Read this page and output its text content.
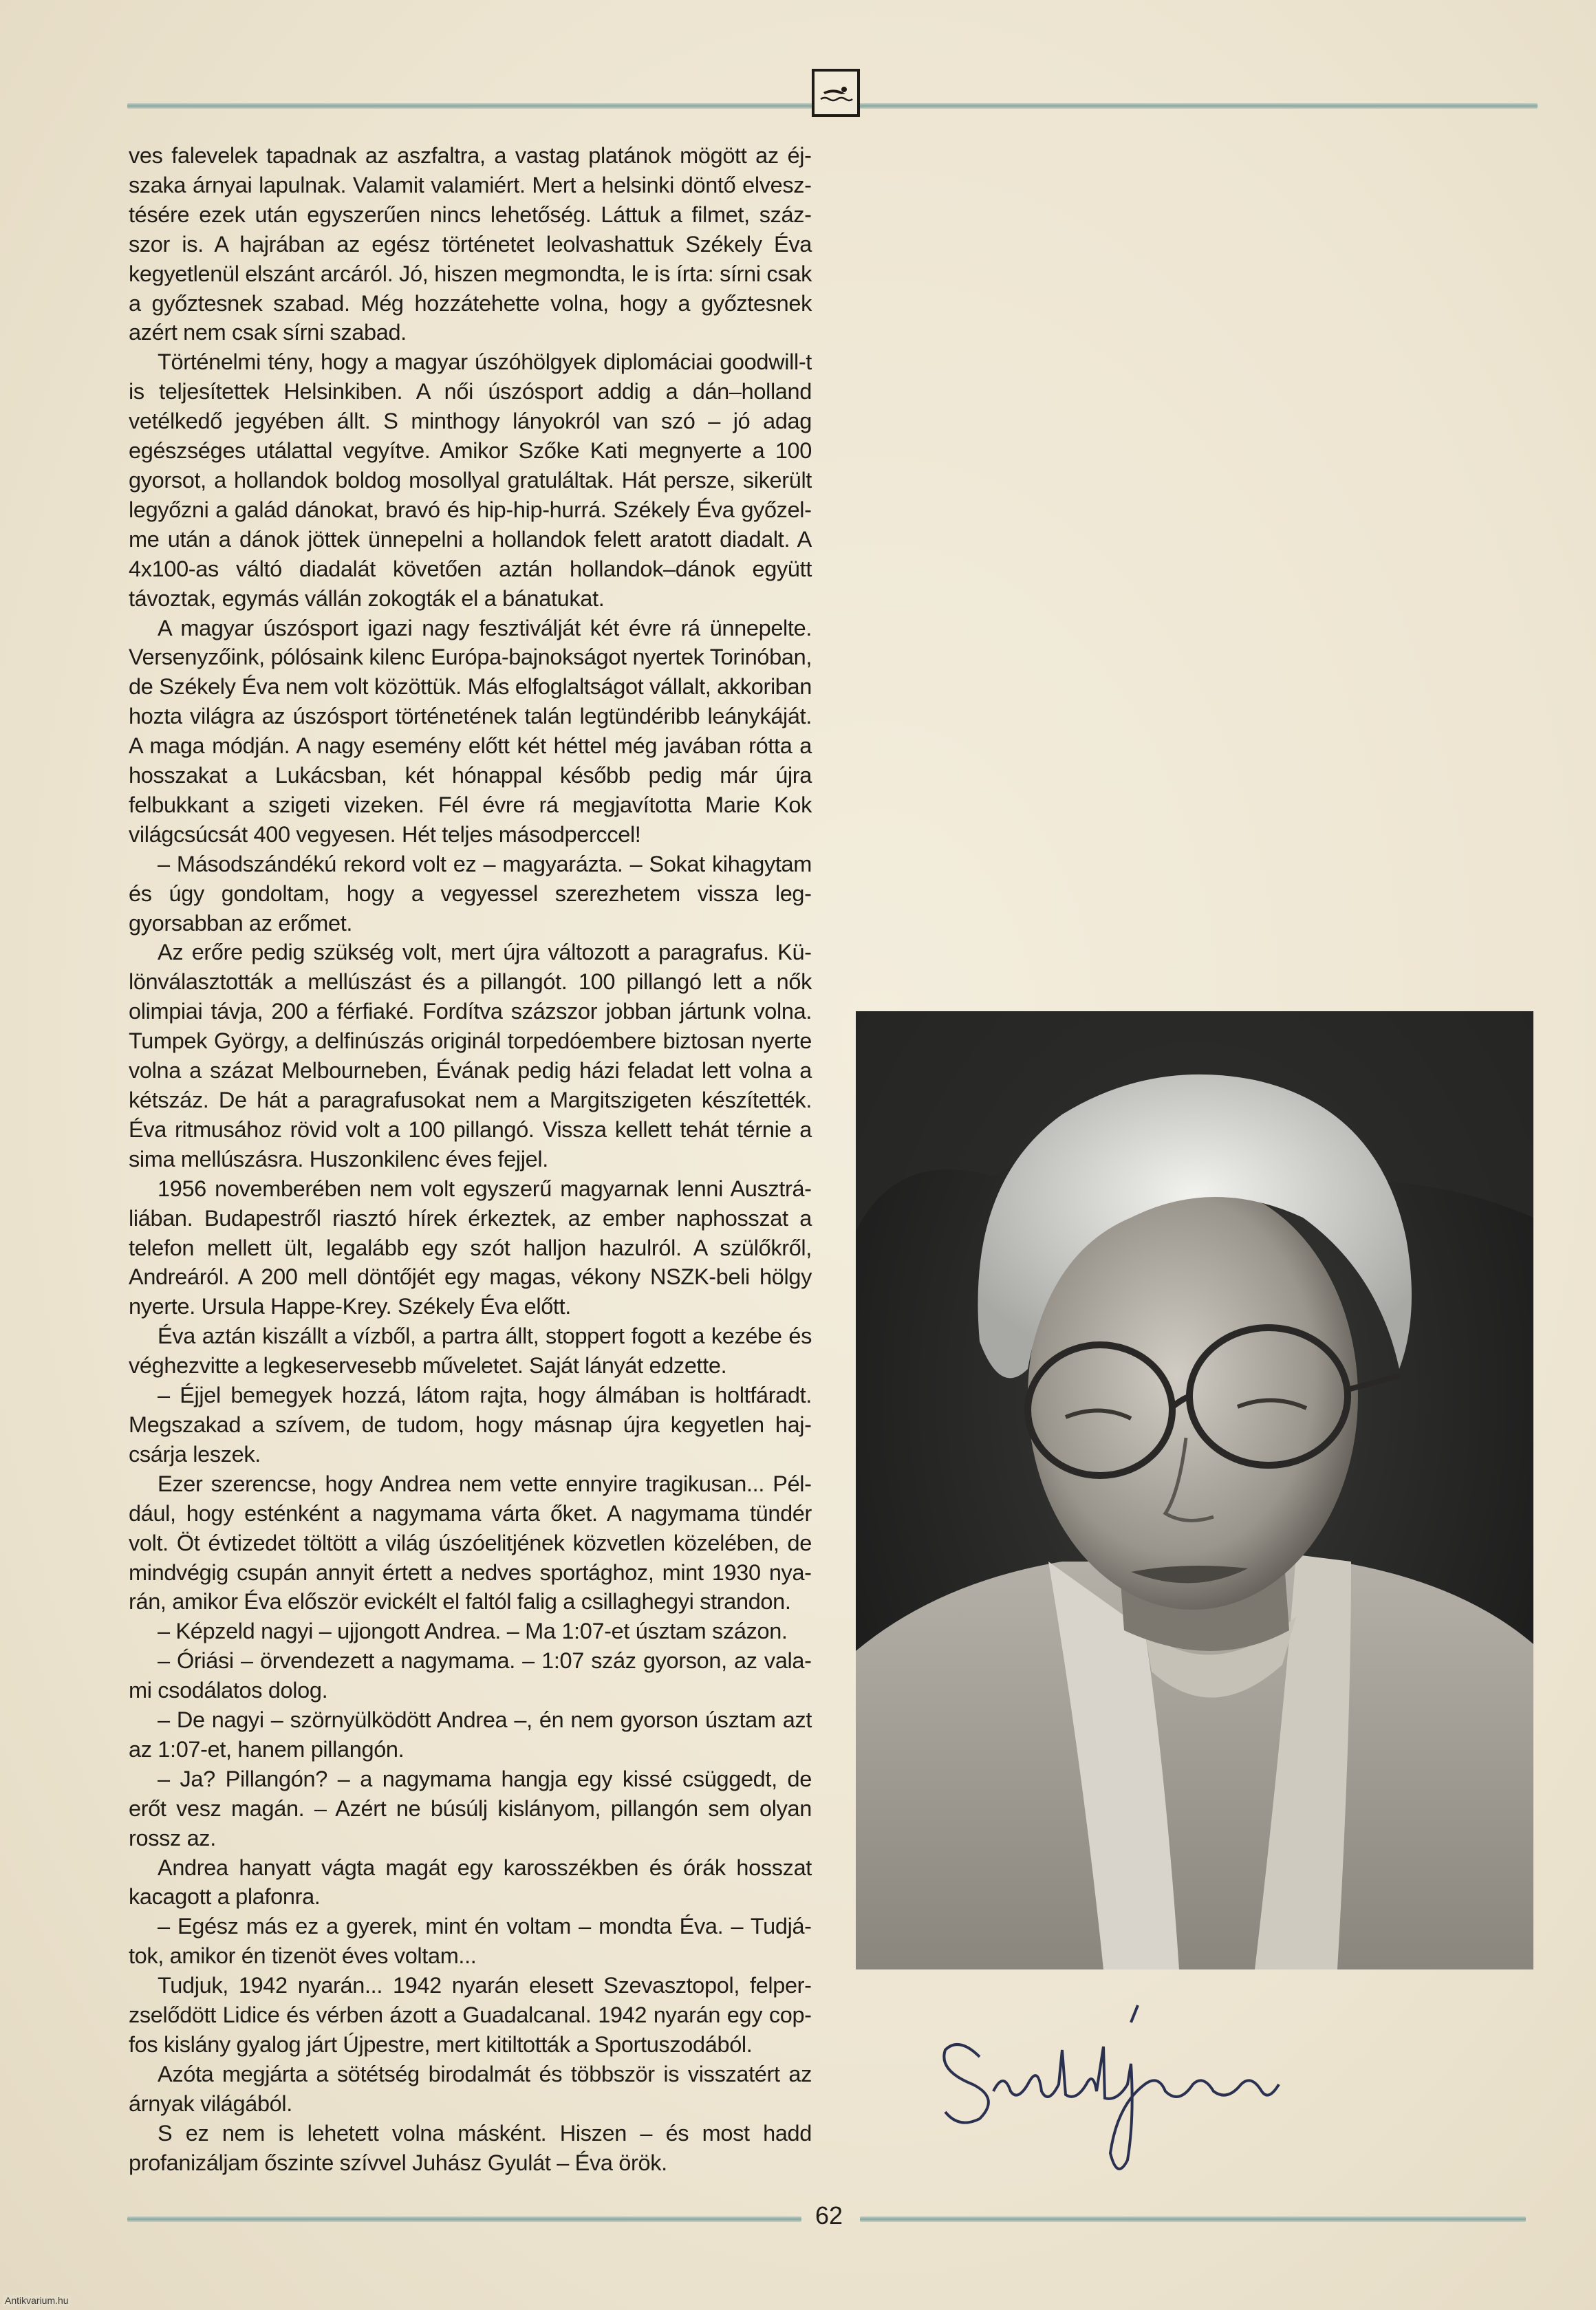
ves falevelek tapadnak az aszfaltra, a vastag platánok mögött az éjszaka árnyai lapulnak. Valamit valamiért. Mert a helsinki döntő elvesztésére ezek után egyszerűen nincs lehetőség. Láttuk a filmet, százszor is. A hajrában az egész történetet leolvashattuk Székely Éva kegyetlenül elszánt arcáról. Jó, hiszen megmondta, le is írta: sírni csak a győztesnek szabad. Még hozzátehette volna, hogy a győztesnek azért nem csak sírni szabad.

Történelmi tény, hogy a magyar úszóhölgyek diplomáciai goodwill-t is teljesítettek Helsinkiben. A női úszósport addig a dán–holland vetélkedő jegyében állt. S minthogy lányokról van szó – jó adag egészséges utálattal vegyítve. Amikor Szőke Kati megnyerte a 100 gyorsot, a hollandok boldog mosollyal gratuláltak. Hát persze, sikerült legyőzni a galád dánokat, bravó és hip-hip-hurrá. Székely Éva győzelme után a dánok jöttek ünnepelni a hollandok felett aratott diadalt. A 4x100-as váltó diadalát követően aztán hollandok–dánok együtt távoztak, egymás vállán zokogták el a bánatukat.

A magyar úszósport igazi nagy fesztiválját két évre rá ünnepelte. Versenyzőink, pólósaink kilenc Európa-bajnokságot nyertek Torinóban, de Székely Éva nem volt közöttük. Más elfoglaltságot vállalt, akkoriban hozta világra az úszósport történetének talán legtündéribb leánykáját. A maga módján. A nagy esemény előtt két héttel még javában rótta a hosszakat a Lukácsban, két hónappal később pedig már újra felbukkant a szigeti vizeken. Fél évre rá megjavította Marie Kok világcsúcsát 400 vegyesen. Hét teljes másodperccel!

– Másodszándékú rekord volt ez – magyarázta. – Sokat kihagytam és úgy gondoltam, hogy a vegyessel szerezhetem vissza leggyorsabban az erőmet.

Az erőre pedig szükség volt, mert újra változott a paragrafus. Különválasztották a mellúszást és a pillangót. 100 pillangó lett a nők olimpiai távja, 200 a férfiaké. Fordítva százszor jobban jártunk volna. Tumpek György, a delfinúszás originál torpedóembere biztosan nyerte volna a százat Melbourneben, Évának pedig házi feladat lett volna a kétszáz. De hát a paragrafusokat nem a Margitszigeten készítették. Éva ritmusához rövid volt a 100 pillangó. Vissza kellett tehát térnie a sima mellúszásra. Huszonkilenc éves fejjel.

1956 novemberében nem volt egyszerű magyarnak lenni Ausztráliában. Budapestről riasztó hírek érkeztek, az ember naphosszat a telefon mellett ült, legalább egy szót halljon hazulról. A szülőkről, Andreáról. A 200 mell döntőjét egy magas, vékony NSZK-beli hölgy nyerte. Ursula Happe-Krey. Székely Éva előtt.

Éva aztán kiszállt a vízből, a partra állt, stoppert fogott a kezébe és véghezvitte a legkeservesebb műveletet. Saját lányát edzette.

– Éjjel bemegyek hozzá, látom rajta, hogy álmában is holtfáradt. Megszakad a szívem, de tudom, hogy másnap újra kegyetlen hajcsárja leszek.

Ezer szerencse, hogy Andrea nem vette ennyire tragikusan... Például, hogy esténként a nagymama várta őket. A nagymama tündér volt. Öt évtizedet töltött a világ úszóelitjének közvetlen közelében, de mindvégig csupán annyit értett a nedves sportághoz, mint 1930 nyarán, amikor Éva először evickélt el faltól falig a csillaghegyi strandon.

– Képzeld nagyi – ujjongott Andrea. – Ma 1:07-et úsztam százon.

– Óriási – örvendezett a nagymama. – 1:07 száz gyorson, az valami csodálatos dolog.

– De nagyi – szörnyülködött Andrea –, én nem gyorson úsztam azt az 1:07-et, hanem pillangón.

– Ja? Pillangón? – a nagymama hangja egy kissé csüggedt, de erőt vesz magán. – Azért ne búsúlj kislányom, pillangón sem olyan rossz az.

Andrea hanyatt vágta magát egy karosszékben és órák hosszat kacagott a plafonra.

– Egész más ez a gyerek, mint én voltam – mondta Éva. – Tudjátok, amikor én tizenöt éves voltam...

Tudjuk, 1942 nyarán... 1942 nyarán elesett Szevasztopol, felperzselődött Lidice és vérben ázott a Guadalcanal. 1942 nyarán egy copfos kislány gyalog járt Újpestre, mert kitiltották a Sportuszodából.

Azóta megjárta a sötétség birodalmát és többször is visszatért az árnyak világából.

S ez nem is lehetett volna másként. Hiszen – és most hadd profanizáljam őszinte szívvel Juhász Gyulát – Éva örök.

Székely Éva
62
Antikvarium.hu
